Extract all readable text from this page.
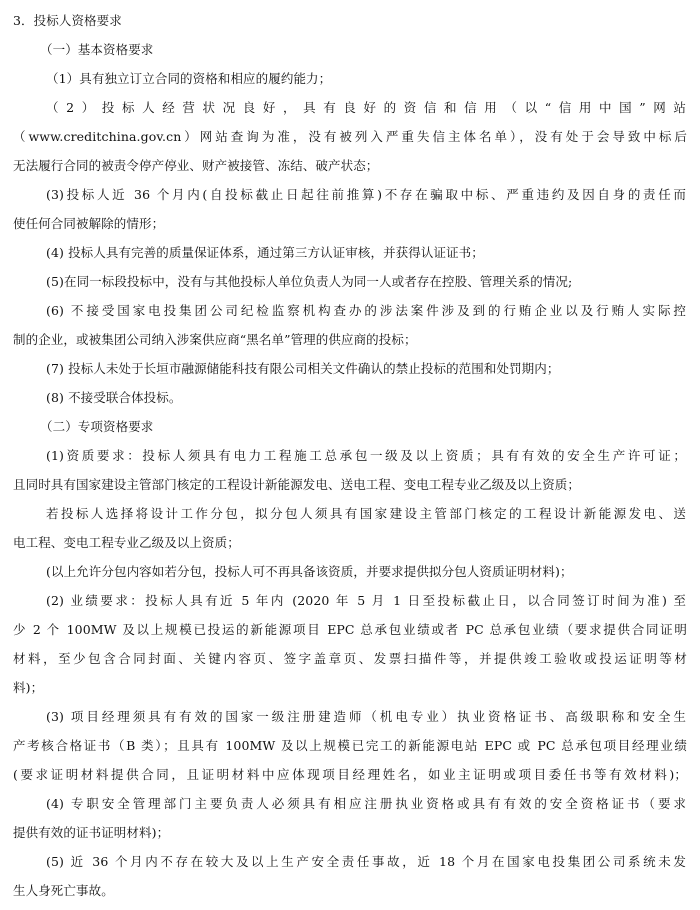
3．投标人资格要求
（一）基本资格要求
（1）具有独立订立合同的资格和相应的履约能力；
（2）投标人经营状况良好，具有良好的资信和信用（以“信用中国”网站
（www.creditchina.gov.cn）网站查询为准，没有被列入严重失信主体名单），没有处于会导致中标后
无法履行合同的被责令停产停业、财产被接管、冻结、破产状态；
(3)投标人近 36 个月内(自投标截止日起往前推算)不存在骗取中标、严重违约及因自身的责任而
使任何合同被解除的情形；
(4) 投标人具有完善的质量保证体系，通过第三方认证审核，并获得认证证书；
(5)在同一标段投标中，没有与其他投标人单位负责人为同一人或者存在控股、管理关系的情况;
(6) 不接受国家电投集团公司纪检监察机构查办的涉法案件涉及到的行贿企业以及行贿人实际控
制的企业，或被集团公司纳入涉案供应商“黑名单”管理的供应商的投标；
(7) 投标人未处于长垣市融源储能科技有限公司相关文件确认的禁止投标的范围和处罚期内；
(8) 不接受联合体投标。
（二）专项资格要求
(1)资质要求：投标人须具有电力工程施工总承包一级及以上资质；具有有效的安全生产许可证；
且同时具有国家建设主管部门核定的工程设计新能源发电、送电工程、变电工程专业乙级及以上资质；
若投标人选择将设计工作分包，拟分包人须具有国家建设主管部门核定的工程设计新能源发电、送
电工程、变电工程专业乙级及以上资质；
(以上允许分包内容如若分包，投标人可不再具备该资质，并要求提供拟分包人资质证明材料)；
(2) 业绩要求：投标人具有近 5 年内 (2020 年 5 月 1 日至投标截止日，以合同签订时间为准) 至
少 2 个 100MW 及以上规模已投运的新能源项目 EPC 总承包业绩或者 PC 总承包业绩（要求提供合同证明
材料，至少包含合同封面、关键内容页、签字盖章页、发票扫描件等，并提供竣工验收或投运证明等材
料)；
(3) 项目经理须具有有效的国家一级注册建造师（机电专业）执业资格证书、高级职称和安全生
产考核合格证书（B 类）；且具有 100MW 及以上规模已完工的新能源电站 EPC 或 PC 总承包项目经理业绩
(要求证明材料提供合同，且证明材料中应体现项目经理姓名，如业主证明或项目委任书等有效材料)；
(4) 专职安全管理部门主要负责人必须具有相应注册执业资格或具有有效的安全资格证书（要求
提供有效的证书证明材料)；
(5) 近 36 个月内不存在较大及以上生产安全责任事故，近 18 个月在国家电投集团公司系统未发
生人身死亡事故。
